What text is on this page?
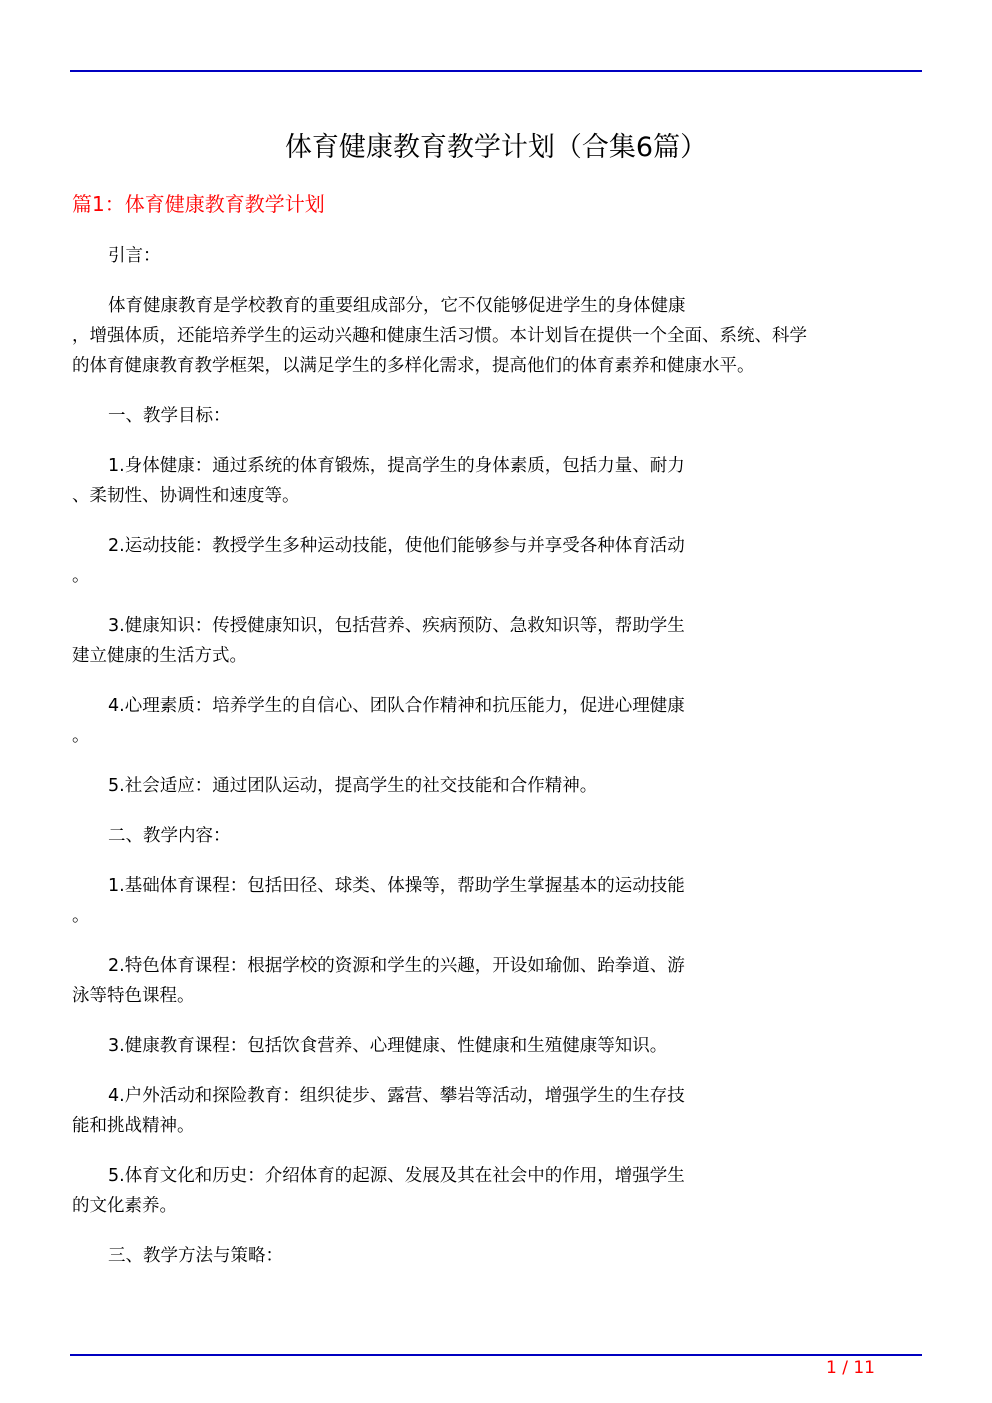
体育健康教育教学计划（合集6篇）
篇1：体育健康教育教学计划
引言：
体育健康教育是学校教育的重要组成部分，它不仅能够促进学生的身体健康
，增强体质，还能培养学生的运动兴趣和健康生活习惯。本计划旨在提供一个全面、系统、科学
的体育健康教育教学框架，以满足学生的多样化需求，提高他们的体育素养和健康水平。
一、教学目标：
1.身体健康：通过系统的体育锻炼，提高学生的身体素质，包括力量、耐力
、柔韧性、协调性和速度等。
2.运动技能：教授学生多种运动技能，使他们能够参与并享受各种体育活动
。
3.健康知识：传授健康知识，包括营养、疾病预防、急救知识等，帮助学生
建立健康的生活方式。
4.心理素质：培养学生的自信心、团队合作精神和抗压能力，促进心理健康
。
5.社会适应：通过团队运动，提高学生的社交技能和合作精神。
二、教学内容：
1.基础体育课程：包括田径、球类、体操等，帮助学生掌握基本的运动技能
。
2.特色体育课程：根据学校的资源和学生的兴趣，开设如瑜伽、跆拳道、游
泳等特色课程。
3.健康教育课程：包括饮食营养、心理健康、性健康和生殖健康等知识。
4.户外活动和探险教育：组织徒步、露营、攀岩等活动，增强学生的生存技
能和挑战精神。
5.体育文化和历史：介绍体育的起源、发展及其在社会中的作用，增强学生
的文化素养。
三、教学方法与策略：
1 / 11
